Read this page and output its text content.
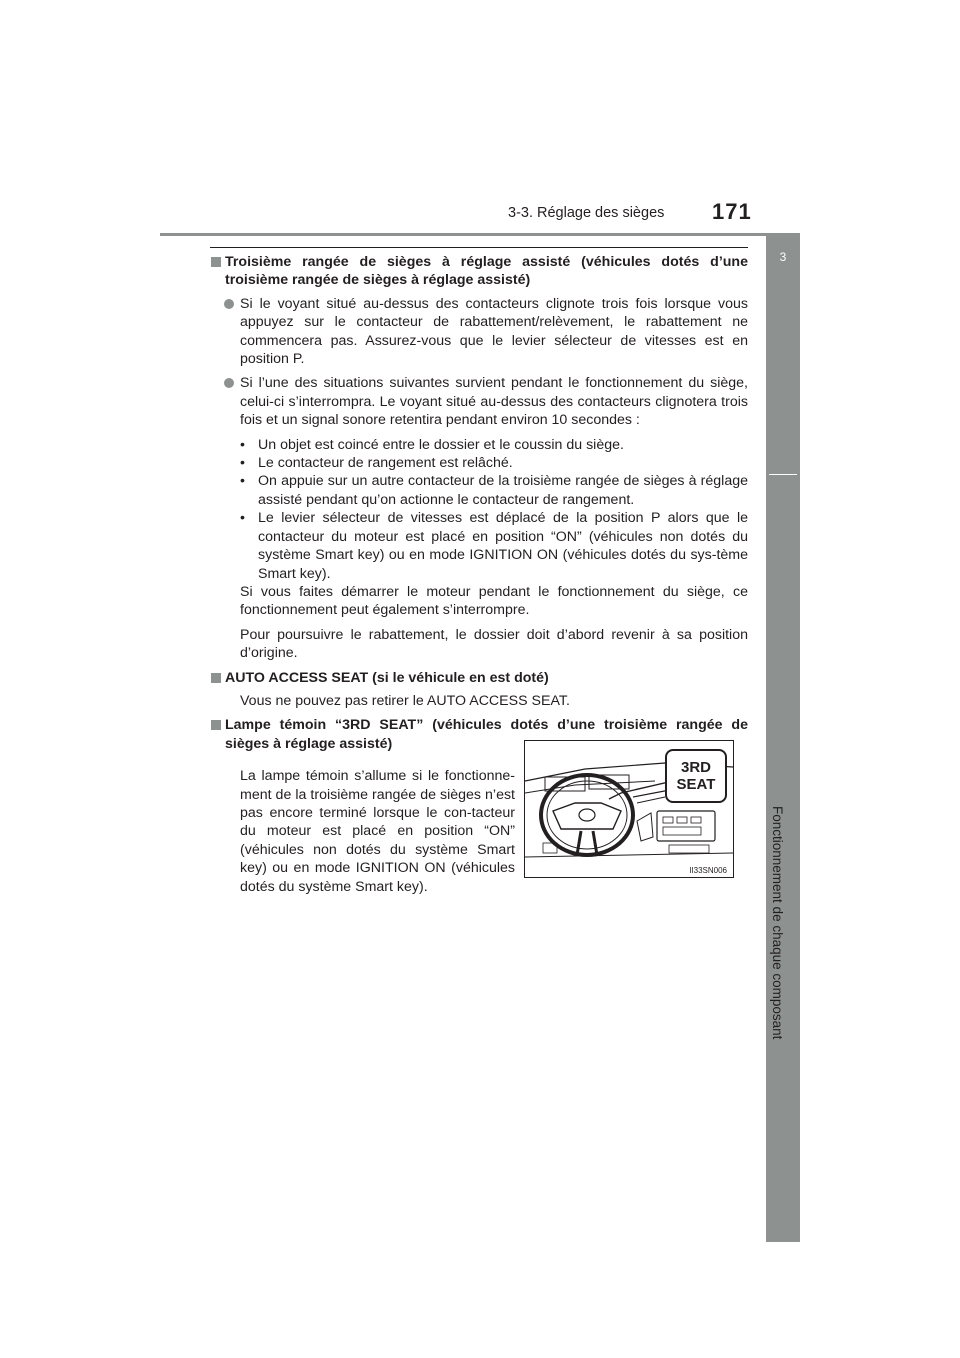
3-3. Réglage des sièges 171
3
Fonctionnement de chaque composant
Troisième rangée de sièges à réglage assisté (véhicules dotés d’une troisième rangée de sièges à réglage assisté)
Si le voyant situé au-dessus des contacteurs clignote trois fois lorsque vous appuyez sur le contacteur de rabattement/relèvement, le rabattement ne commencera pas. Assurez-vous que le levier sélecteur de vitesses est en position P.
Si l’une des situations suivantes survient pendant le fonctionnement du siège, celui-ci s’interrompra. Le voyant situé au-dessus des contacteurs clignotera trois fois et un signal sonore retentira pendant environ 10 secondes :
• Un objet est coincé entre le dossier et le coussin du siège.
• Le contacteur de rangement est relâché.
• On appuie sur un autre contacteur de la troisième rangée de sièges à réglage assisté pendant qu’on actionne le contacteur de rangement.
• Le levier sélecteur de vitesses est déplacé de la position P alors que le contacteur du moteur est placé en position “ON” (véhicules non dotés du système Smart key) ou en mode IGNITION ON (véhicules dotés du sys-tème Smart key).
Si vous faites démarrer le moteur pendant le fonctionnement du siège, ce fonctionnement peut également s’interrompre.
Pour poursuivre le rabattement, le dossier doit d’abord revenir à sa position d’origine.
AUTO ACCESS SEAT (si le véhicule en est doté)
Vous ne pouvez pas retirer le AUTO ACCESS SEAT.
Lampe témoin “3RD SEAT” (véhicules dotés d’une troisième rangée de sièges à réglage assisté)
La lampe témoin s’allume si le fonctionne-ment de la troisième rangée de sièges n’est pas encore terminé lorsque le con-tacteur du moteur est placé en position “ON” (véhicules non dotés du système Smart key) ou en mode IGNITION ON (véhicules dotés du système Smart key).
3RD
SEAT
II33SN006
